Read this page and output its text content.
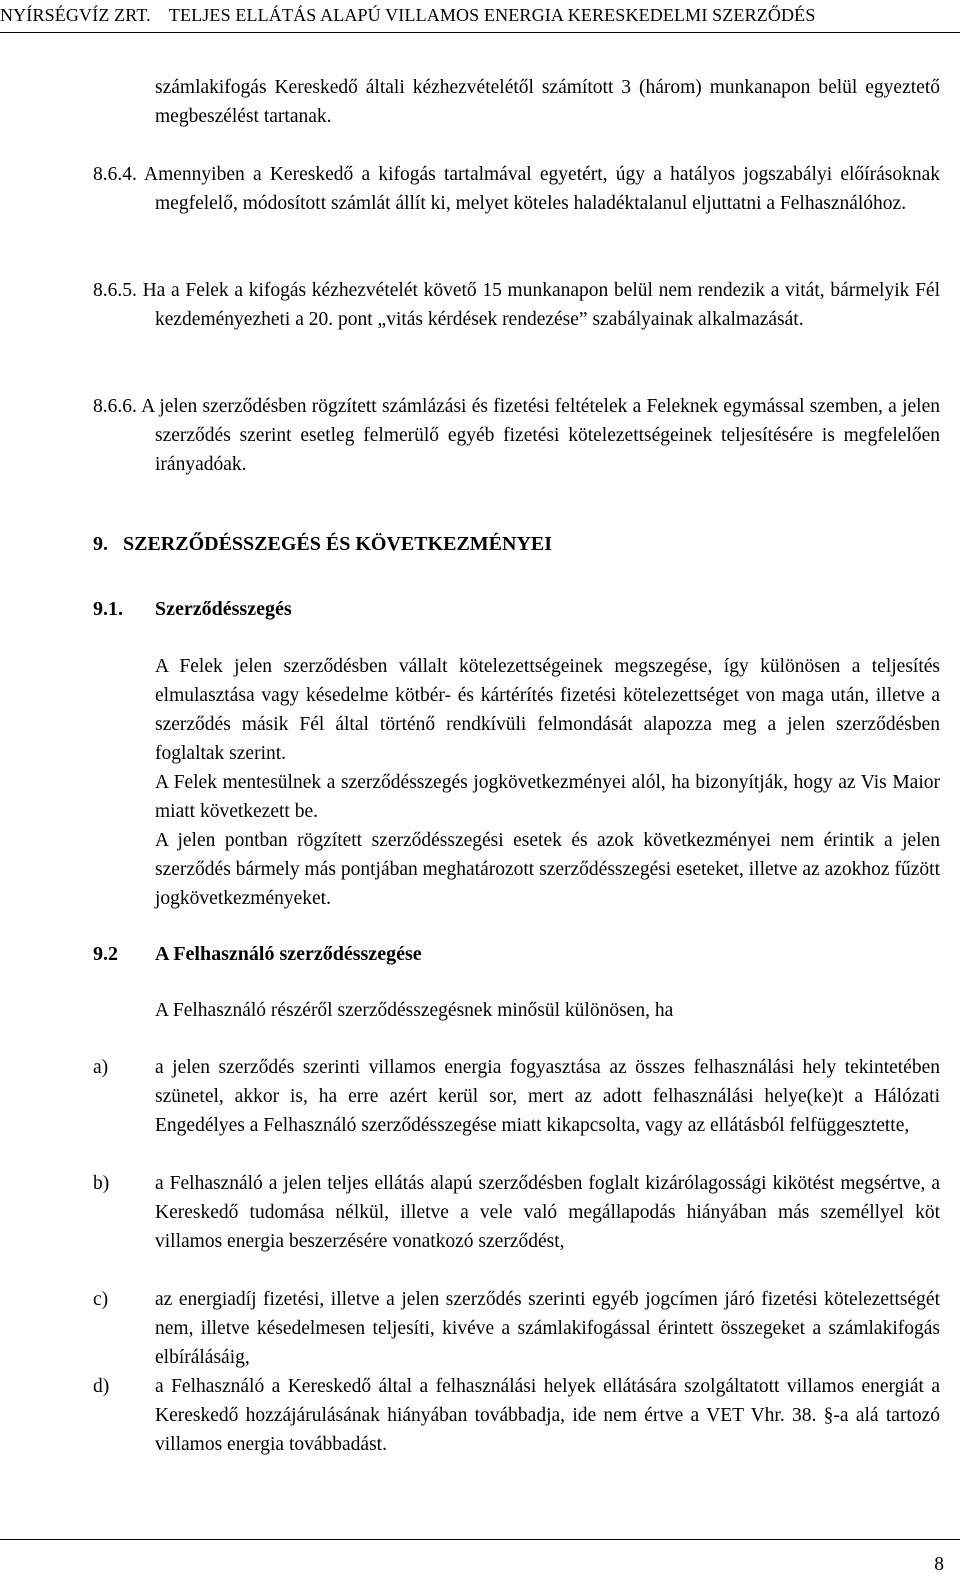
NYÍRSÉGVÍZ ZRT. TELJES ELLÁTÁS ALAPÚ VILLAMOS ENERGIA KERESKEDELMI SZERZŐDÉS
számlakifogás Kereskedő általi kézhezvételétől számított 3 (három) munkanapon belül egyeztető megbeszélést tartanak.
8.6.4. Amennyiben a Kereskedő a kifogás tartalmával egyetért, úgy a hatályos jogszabályi előírásoknak megfelelő, módosított számlát állít ki, melyet köteles haladéktalanul eljuttatni a Felhasználóhoz.
8.6.5. Ha a Felek a kifogás kézhezvételét követő 15 munkanapon belül nem rendezik a vitát, bármelyik Fél kezdeményezheti a 20. pont „vitás kérdések rendezése” szabályainak alkalmazását.
8.6.6. A jelen szerződésben rögzített számlázási és fizetési feltételek a Feleknek egymással szemben, a jelen szerződés szerint esetleg felmerülő egyéb fizetési kötelezettségeinek teljesítésére is megfelelően irányadóak.
9.   SZERZŐDÉSSZEGÉS ÉS KÖVETKEZMÉNYEI
9.1. Szerződésszegés
A Felek jelen szerződésben vállalt kötelezettségeinek megszegése, így különösen a teljesítés elmulasztása vagy késedelme kötbér- és kártérítés fizetési kötelezettséget von maga után, illetve a szerződés másik Fél által történő rendkívüli felmondását alapozza meg a jelen szerződésben foglaltak szerint.
A Felek mentesülnek a szerződésszegés jogkövetkezményei alól, ha bizonyítják, hogy az Vis Maior miatt következett be.
A jelen pontban rögzített szerződésszegési esetek és azok következményei nem érintik a jelen szerződés bármely más pontjában meghatározott szerződésszegési eseteket, illetve az azokhoz fűzött jogkövetkezményeket.
9.2 A Felhasználó szerződésszegése
A Felhasználó részéről szerződésszegésnek minősül különösen, ha
a) a jelen szerződés szerinti villamos energia fogyasztása az összes felhasználási hely tekintetében szünetel, akkor is, ha erre azért kerül sor, mert az adott felhasználási helye(ke)t a Hálózati Engedélyes a Felhasználó szerződésszegése miatt kikapcsolta, vagy az ellátásból felfüggesztette,
b) a Felhasználó a jelen teljes ellátás alapú szerződésben foglalt kizárólagossági kikötést megsértve, a Kereskedő tudomása nélkül, illetve a vele való megállapodás hiányában más személlyel köt villamos energia beszerzésére vonatkozó szerződést,
c) az energiadíj fizetési, illetve a jelen szerződés szerinti egyéb jogcímen járó fizetési kötelezettségét nem, illetve késedelmesen teljesíti, kivéve a számlakifogással érintett összegeket a számlakifogás elbírálásáig,
d) a Felhasználó a Kereskedő által a felhasználási helyek ellátására szolgáltatott villamos energiát a Kereskedő hozzájárulásának hiányában továbbadja, ide nem értve a VET Vhr. 38. §-a alá tartozó villamos energia továbbadást.
8
